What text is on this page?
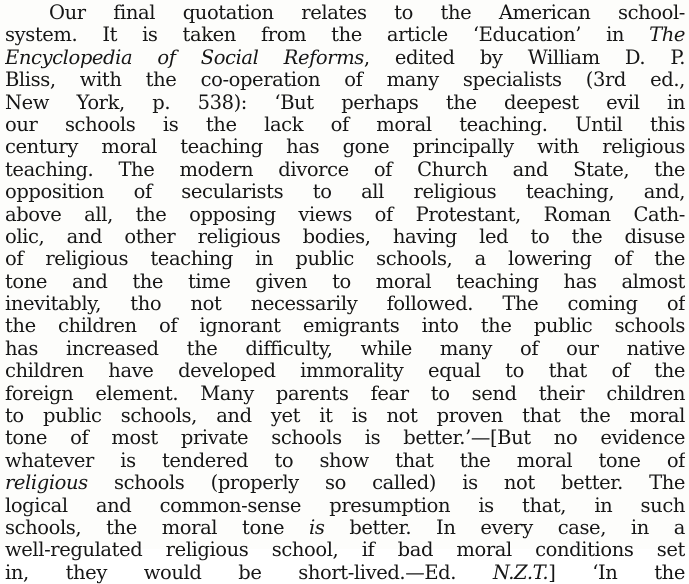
Our final quotation relates to the American school-
system. It is taken from the article ‘Education’ in The
Encyclopedia of Social Reforms, edited by William D. P.
Bliss, with the co-operation of many specialists (3rd ed.,
New York, p. 538): ‘But perhaps the deepest evil in
our schools is the lack of moral teaching. Until this
century moral teaching has gone principally with religious
teaching. The modern divorce of Church and State, the
opposition of secularists to all religious teaching, and,
above all, the opposing views of Protestant, Roman Cath-
olic, and other religious bodies, having led to the disuse
of religious teaching in public schools, a lowering of the
tone and the time given to moral teaching has almost
inevitably, tho not necessarily followed. The coming of
the children of ignorant emigrants into the public schools
has increased the difficulty, while many of our native
children have developed immorality equal to that of the
foreign element. Many parents fear to send their children
to public schools, and yet it is not proven that the moral
tone of most private schools is better.’—[But no evidence
whatever is tendered to show that the moral tone of
religious schools (properly so called) is not better. The
logical and common-sense presumption is that, in such
schools, the moral tone is better. In every case, in a
well-regulated religious school, if bad moral conditions set
in, they would be short-lived.—Ed. N.Z.T.] ‘In the
